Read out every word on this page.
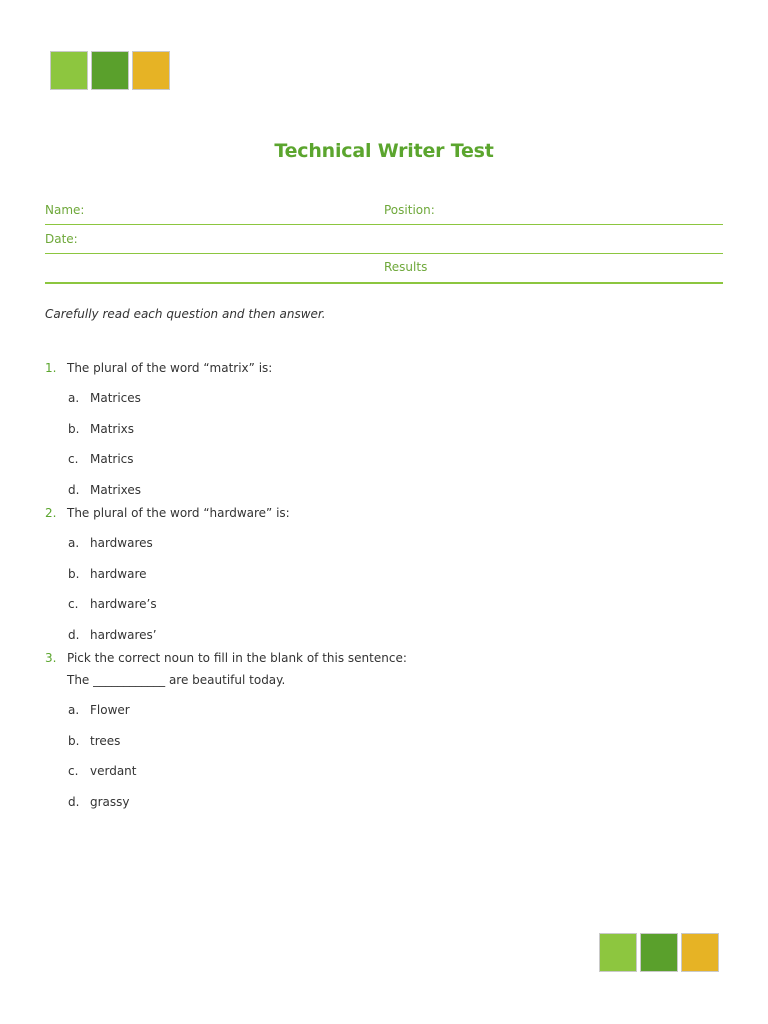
Technical Writer Test
Name:	Position:
Date:
Results
Carefully read each question and then answer.
1. The plural of the word “matrix” is:
a. Matrices
b. Matrixs
c. Matrics
d. Matrixes
2. The plural of the word “hardware” is:
a. hardwares
b. hardware
c. hardware’s
d. hardwares’
3. Pick the correct noun to fill in the blank of this sentence:
The ____________ are beautiful today.
a. Flower
b. trees
c. verdant
d. grassy
